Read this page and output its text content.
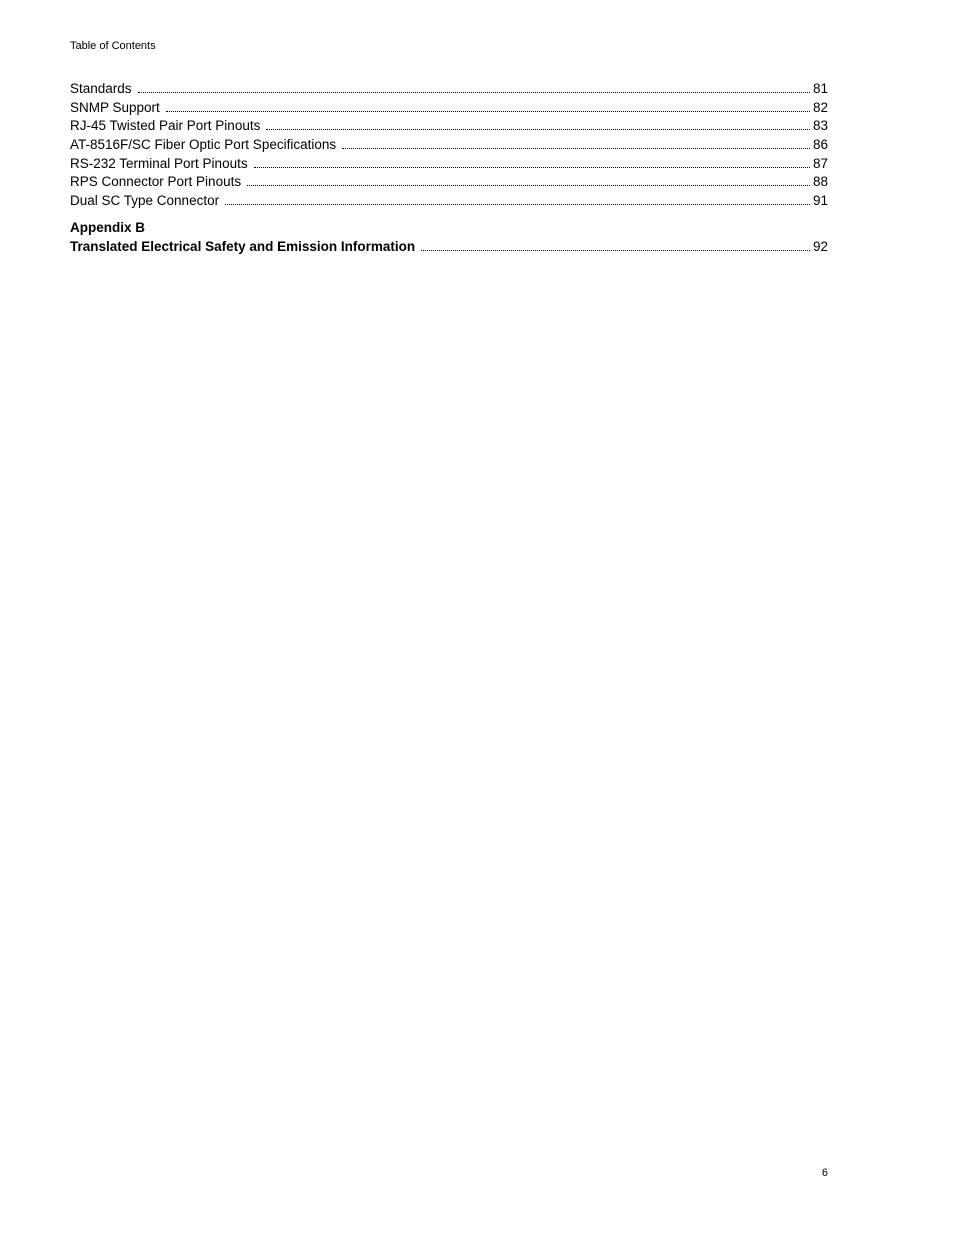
Table of Contents
Standards	81
SNMP Support	82
RJ-45 Twisted Pair Port Pinouts	83
AT-8516F/SC Fiber Optic Port Specifications	86
RS-232 Terminal Port Pinouts	87
RPS Connector Port Pinouts	88
Dual SC Type Connector	91
Appendix B
Translated Electrical Safety and Emission Information	92
6
